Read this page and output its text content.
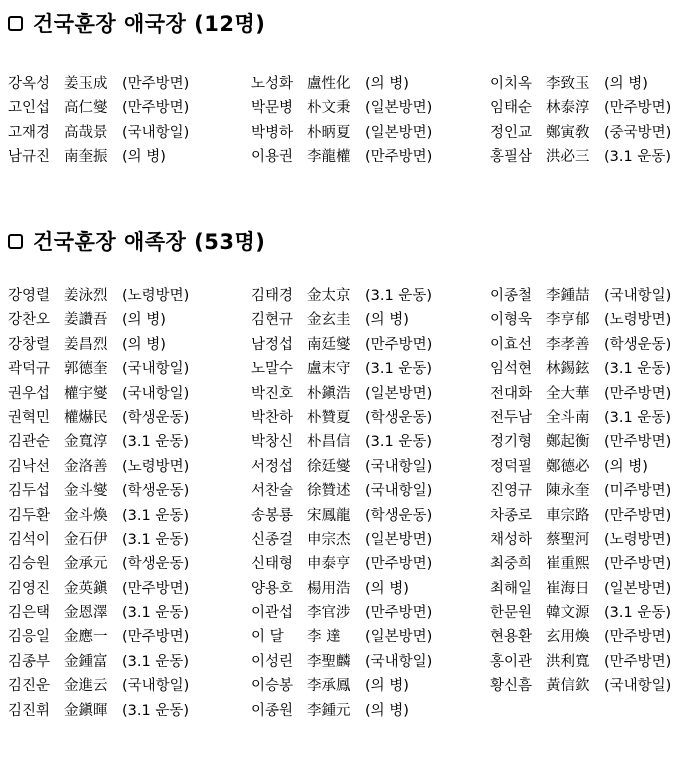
건국훈장 애국장 (12명)
강옥성 姜玉成 (만주방면)	노성화 盧性化 (의 병)	이치옥 李致玉 (의 병)
고인섭 高仁燮 (만주방면)	박문병 朴文秉 (일본방면)	임태순 林泰淳 (만주방면)
고재경 高哉景 (국내항일)	박병하 朴昞夏 (일본방면)	정인교 鄭寅敎 (중국방면)
남규진 南奎振 (의 병)	이용권 李龍權 (만주방면)	홍필삼 洪必三 (3.1 운동)
건국훈장 애족장 (53명)
강영렬 姜泳烈 (노령방면)	김태경 金太京 (3.1 운동)	이종철 李鍾喆 (국내항일)
강찬오 姜讚吾 (의 병)	김현규 金玄圭 (의 병)	이형욱 李亨郁 (노령방면)
강창렬 姜昌烈 (의 병)	남정섭 南廷燮 (만주방면)	이효선 李孝善 (학생운동)
곽덕규 郭德奎 (국내항일)	노말수 盧末守 (3.1 운동)	임석현 林錫鉉 (3.1 운동)
권우섭 權宇燮 (국내항일)	박진호 朴鎭浩 (일본방면)	전대화 全大華 (만주방면)
권혁민 權爀民 (학생운동)	박찬하 朴贊夏 (학생운동)	전두남 全斗南 (3.1 운동)
김관순 金寬淳 (3.1 운동)	박창신 朴昌信 (3.1 운동)	정기형 鄭起衡 (만주방면)
김낙선 金洛善 (노령방면)	서정섭 徐廷燮 (국내항일)	정덕필 鄭德必 (의 병)
김두섭 金斗燮 (학생운동)	서찬술 徐贊述 (국내항일)	진영규 陳永奎 (미주방면)
김두환 金斗煥 (3.1 운동)	송봉룡 宋鳳龍 (학생운동)	차종로 車宗路 (만주방면)
김석이 金石伊 (3.1 운동)	신종걸 申宗杰 (일본방면)	채성하 蔡聖河 (노령방면)
김승원 金承元 (학생운동)	신태형 申泰亨 (만주방면)	최중희 崔重熙 (만주방면)
김영진 金英鎭 (만주방면)	양용호 楊用浩 (의 병)	최해일 崔海日 (일본방면)
김은택 金恩澤 (3.1 운동)	이관섭 李官涉 (만주방면)	한문원 韓文源 (3.1 운동)
김응일 金應一 (만주방면)	이 달 李 達 (일본방면)	현용환 玄用煥 (만주방면)
김종부 金鍾富 (3.1 운동)	이성린 李聖麟 (국내항일)	홍이관 洪利寬 (만주방면)
김진운 金進云 (국내항일)	이승봉 李承鳳 (의 병)	황신흠 黃信欽 (국내항일)
김진휘 金鎭暉 (3.1 운동)	이종원 李鍾元 (의 병)
